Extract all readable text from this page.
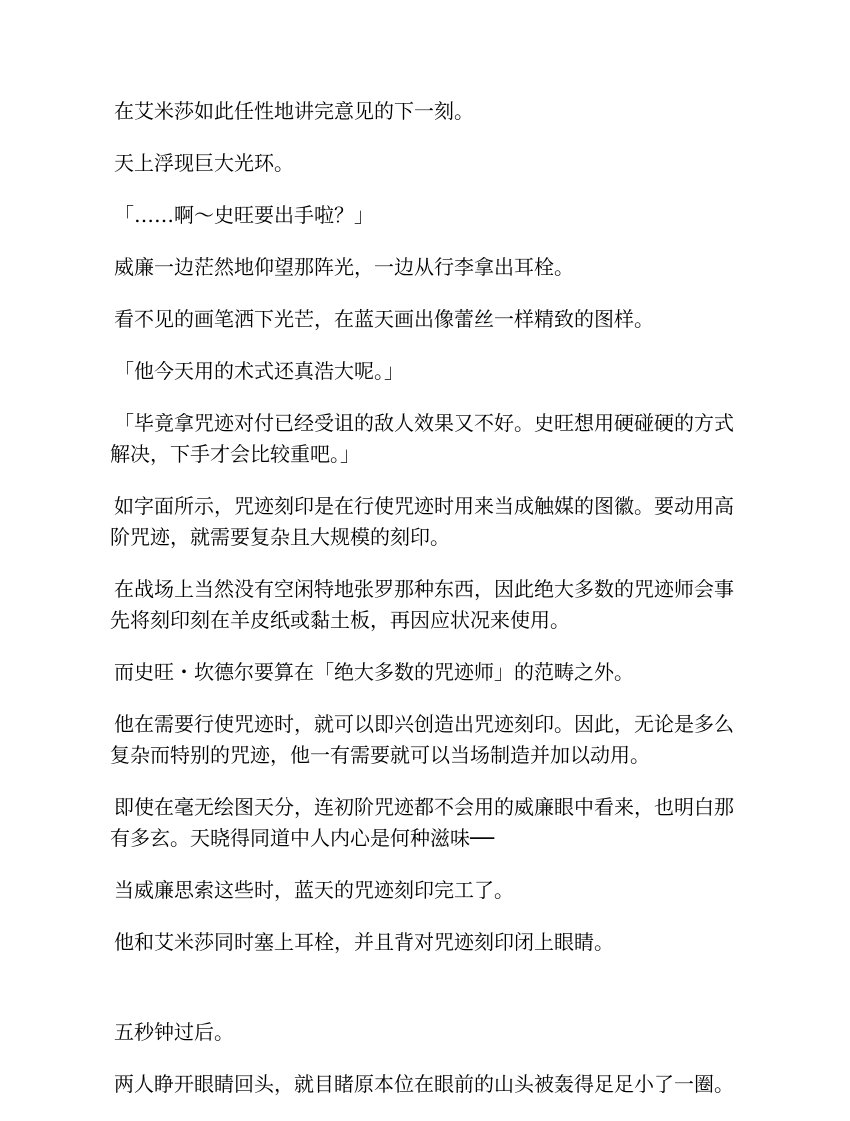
在艾米莎如此任性地讲完意见的下一刻。

天上浮现巨大光环。

「……啊～史旺要出手啦？」

威廉一边茫然地仰望那阵光，一边从行李拿出耳栓。

看不见的画笔洒下光芒，在蓝天画出像蕾丝一样精致的图样。

「他今天用的术式还真浩大呢。」

「毕竟拿咒迹对付已经受诅的敌人效果又不好。史旺想用硬碰硬的方式解决，下手才会比较重吧。」

如字面所示，咒迹刻印是在行使咒迹时用来当成触媒的图徽。要动用高阶咒迹，就需要复杂且大规模的刻印。

在战场上当然没有空闲特地张罗那种东西，因此绝大多数的咒迹师会事先将刻印刻在羊皮纸或黏土板，再因应状况来使用。

而史旺・坎德尔要算在「绝大多数的咒迹师」的范畴之外。

他在需要行使咒迹时，就可以即兴创造出咒迹刻印。因此，无论是多么复杂而特别的咒迹，他一有需要就可以当场制造并加以动用。

即使在毫无绘图天分，连初阶咒迹都不会用的威廉眼中看来，也明白那有多玄。天晓得同道中人内心是何种滋味──

当威廉思索这些时，蓝天的咒迹刻印完工了。

他和艾米莎同时塞上耳栓，并且背对咒迹刻印闭上眼睛。

五秒钟过后。

两人睁开眼睛回头，就目睹原本位在眼前的山头被轰得足足小了一圈。
